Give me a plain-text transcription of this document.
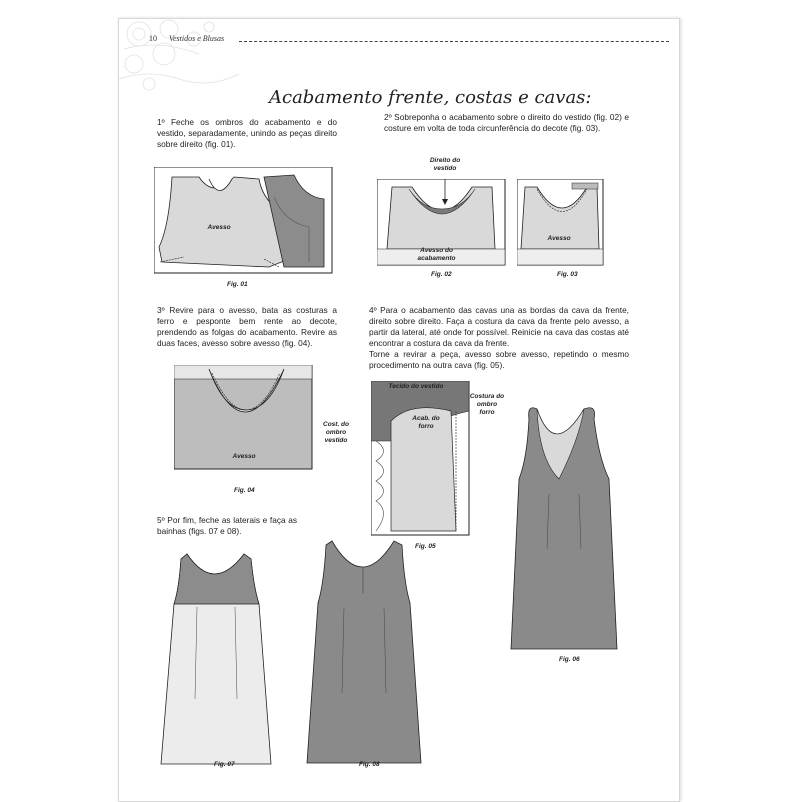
10 Vestidos e Blusas
Acabamento frente, costas e cavas:
1º Feche os ombros do acabamento e do vestido, separadamente, unindo as peças direito sobre direito (fig. 01).
2º Sobreponha o acabamento sobre o direito do vestido (fig. 02) e costure em volta de toda circunferência do decote (fig. 03).
Avesso
Fig. 01
Direito do vestido
Avesso do acabamento
Fig. 02
Avesso
Fig. 03
3º Revire para o avesso, bata as costuras a ferro e pesponte bem rente ao decote, prendendo as folgas do acabamento. Revire as duas faces, avesso sobre avesso (fig. 04).
4º Para o acabamento das cavas una as bordas da cava da frente, direito sobre direito. Faça a costura da cava da frente pelo avesso, a partir da lateral, até onde for possível. Reinicie na cava das costas até encontrar a costura da cava da frente.
Torne a revirar a peça, avesso sobre avesso, repetindo o mesmo procedimento na outra cava (fig. 05).
Avesso
Fig. 04
Tecido do vestido
Acab. do forro
Cost. do ombro vestido
Costura do ombro forro
Fig. 05
Fig. 06
5º Por fim, feche as laterais e faça as bainhas (figs. 07 e 08).
Fig. 07	Fig. 08
